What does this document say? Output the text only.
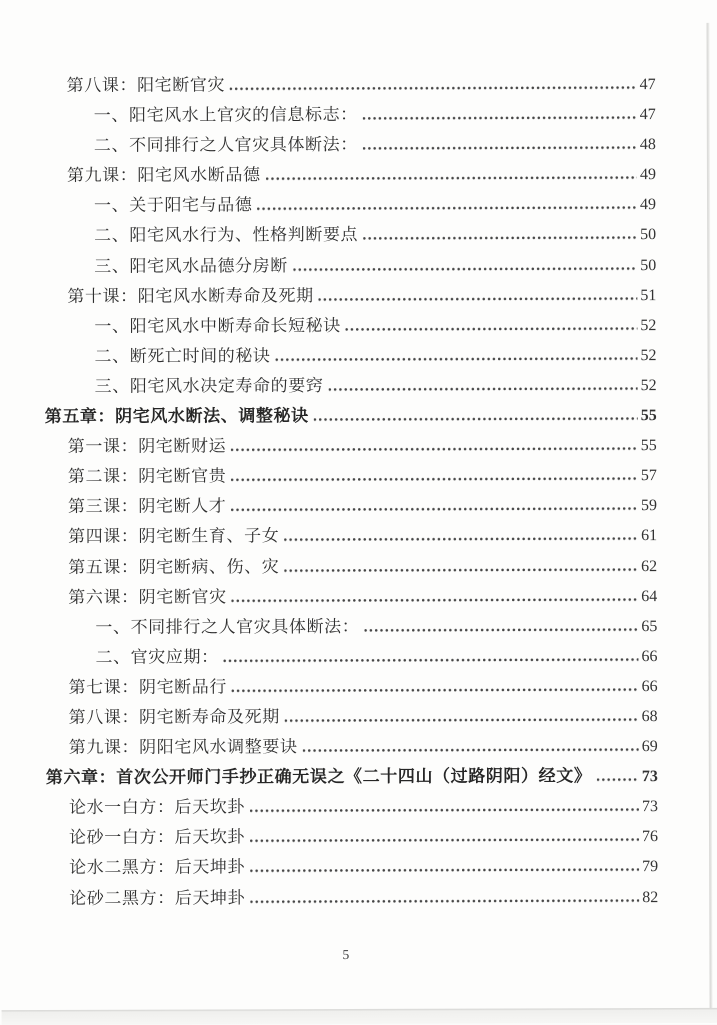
第八课：阳宅断官灾	47
一、阳宅风水上官灾的信息标志：	47
二、不同排行之人官灾具体断法：	48
第九课：阳宅风水断品德	49
一、关于阳宅与品德	49
二、阳宅风水行为、性格判断要点	50
三、阳宅风水品德分房断	50
第十课：阳宅风水断寿命及死期	51
一、阳宅风水中断寿命长短秘诀	52
二、断死亡时间的秘诀	52
三、阳宅风水决定寿命的要窍	52
第五章：阴宅风水断法、调整秘诀	55
第一课：阴宅断财运	55
第二课：阴宅断官贵	57
第三课：阴宅断人才	59
第四课：阴宅断生育、子女	61
第五课：阴宅断病、伤、灾	62
第六课：阴宅断官灾	64
一、不同排行之人官灾具体断法：	65
二、官灾应期：	66
第七课：阴宅断品行	66
第八课：阴宅断寿命及死期	68
第九课：阴阳宅风水调整要诀	69
第六章：首次公开师门手抄正确无误之《二十四山（过路阴阳）经文》	73
论水一白方：后天坎卦	73
论砂一白方：后天坎卦	76
论水二黑方：后天坤卦	79
论砂二黑方：后天坤卦	82
5
